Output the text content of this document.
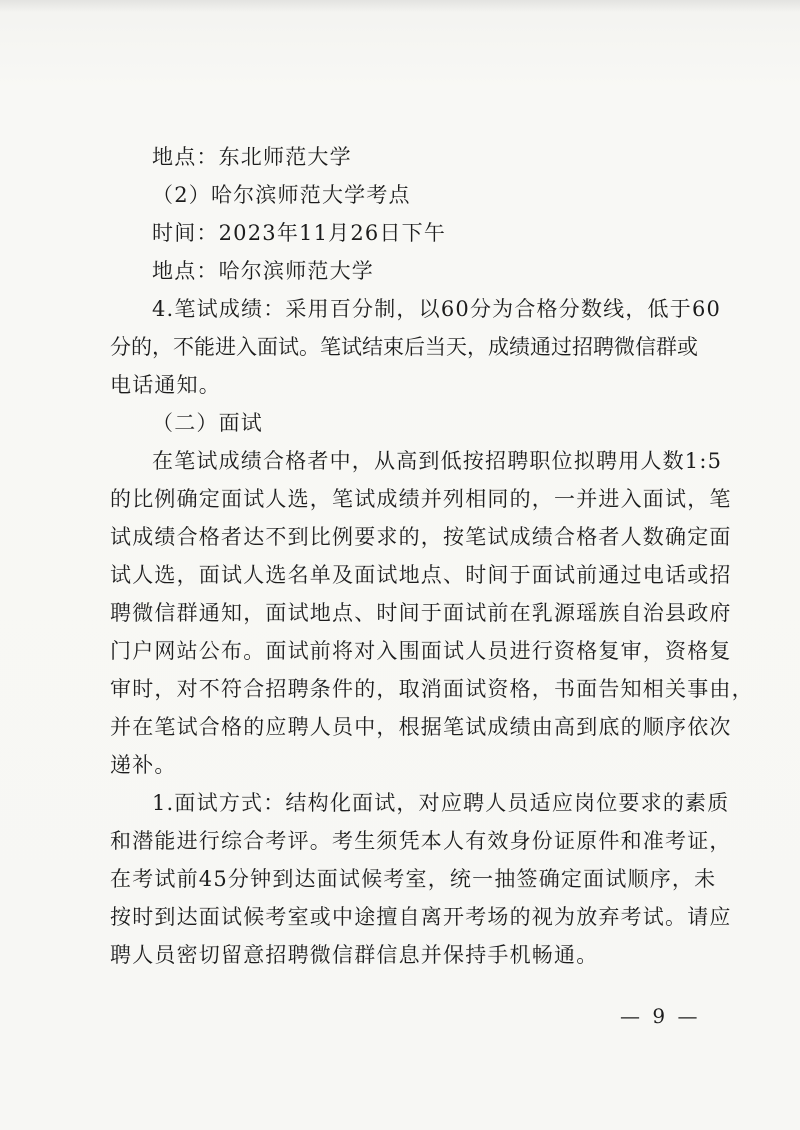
地点：东北师范大学
（2）哈尔滨师范大学考点
时间：2023年11月26日下午
地点：哈尔滨师范大学
4.笔试成绩：采用百分制，以60分为合格分数线，低于60
分的，不能进入面试。笔试结束后当天，成绩通过招聘微信群或
电话通知。
（二）面试
在笔试成绩合格者中，从高到低按招聘职位拟聘用人数1:5
的比例确定面试人选，笔试成绩并列相同的，一并进入面试，笔
试成绩合格者达不到比例要求的，按笔试成绩合格者人数确定面
试人选，面试人选名单及面试地点、时间于面试前通过电话或招
聘微信群通知，面试地点、时间于面试前在乳源瑶族自治县政府
门户网站公布。面试前将对入围面试人员进行资格复审，资格复
审时，对不符合招聘条件的，取消面试资格，书面告知相关事由，
并在笔试合格的应聘人员中，根据笔试成绩由高到底的顺序依次
递补。
1.面试方式：结构化面试，对应聘人员适应岗位要求的素质
和潜能进行综合考评。考生须凭本人有效身份证原件和准考证，
在考试前45分钟到达面试候考室，统一抽签确定面试顺序，未
按时到达面试候考室或中途擅自离开考场的视为放弃考试。请应
聘人员密切留意招聘微信群信息并保持手机畅通。
— 9 —
